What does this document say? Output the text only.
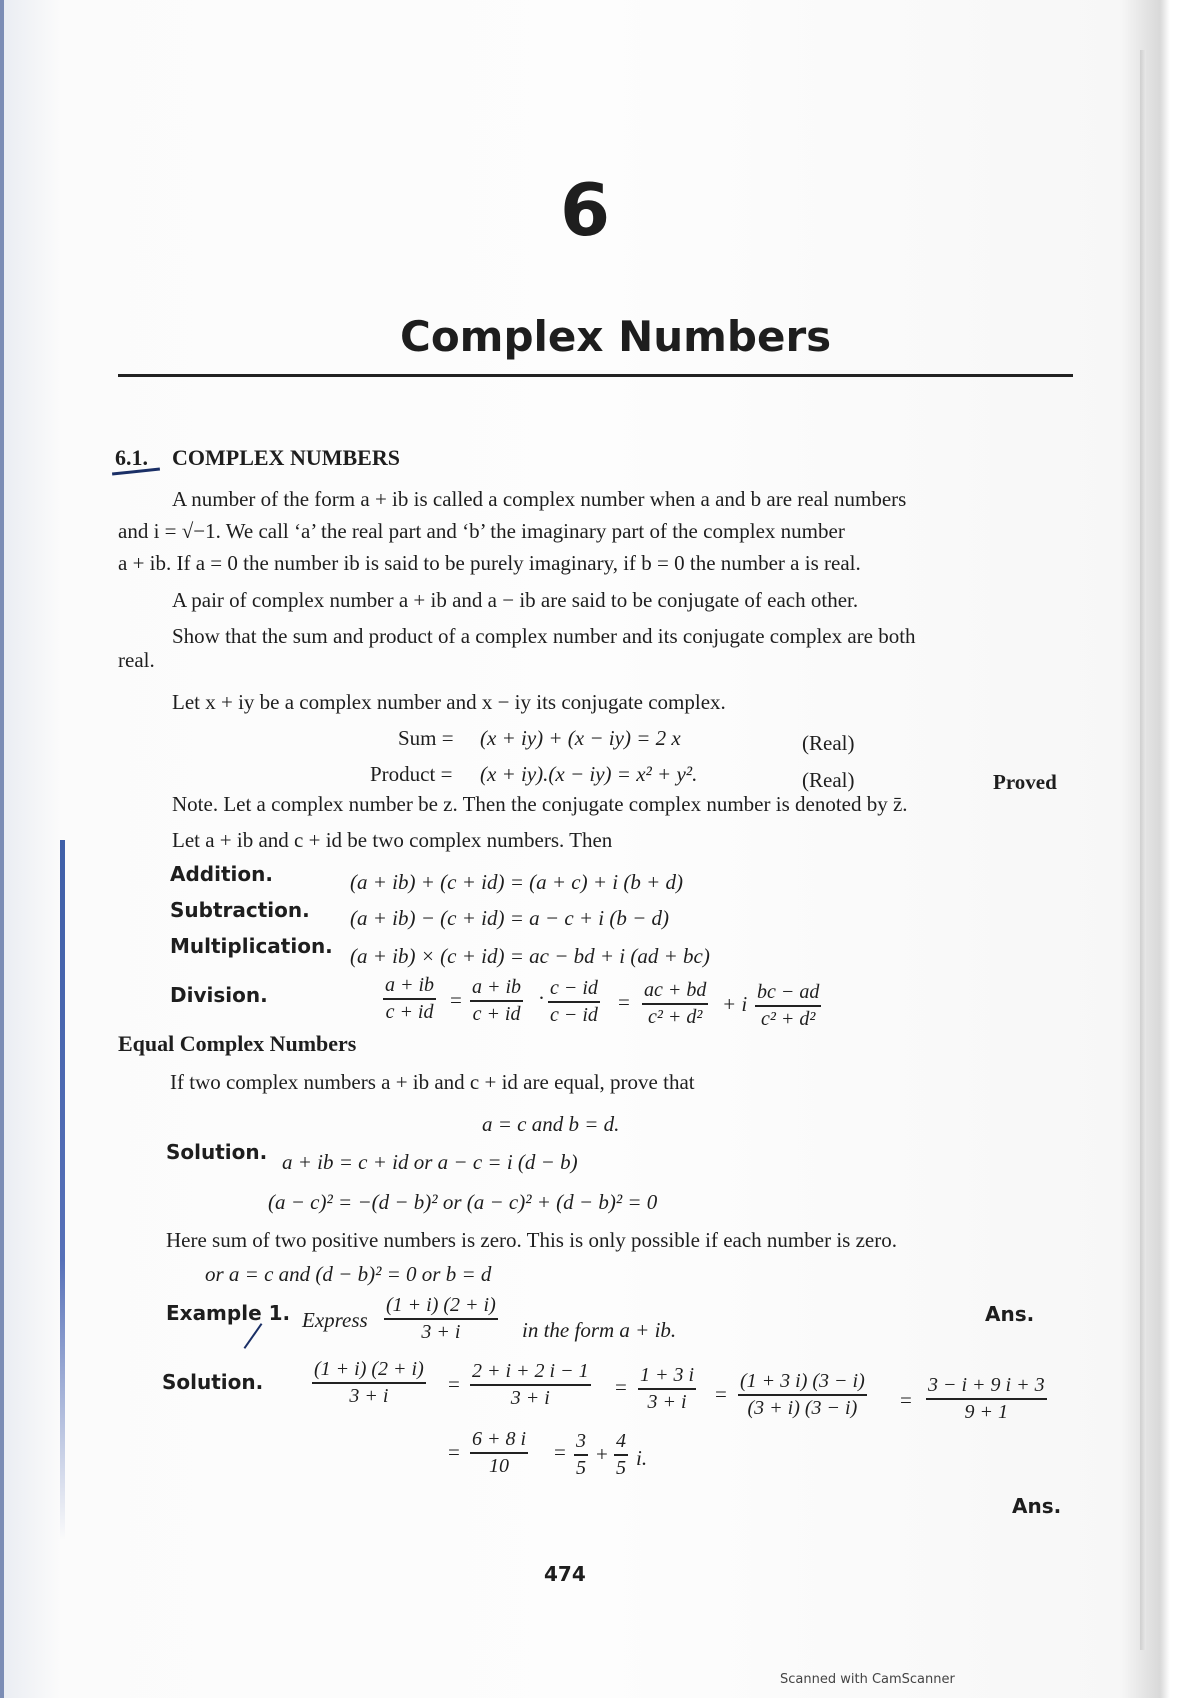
6
Complex Numbers
6.1. COMPLEX NUMBERS
A number of the form a + ib is called a complex number when a and b are real numbers
and i = √−1. We call ‘a’ the real part and ‘b’ the imaginary part of the complex number
a + ib. If a = 0 the number ib is said to be purely imaginary, if b = 0 the number a is real.
A pair of complex number a + ib and a − ib are said to be conjugate of each other.
Show that the sum and product of a complex number and its conjugate complex are both
real.
Let x + iy be a complex number and x − iy its conjugate complex.
Sum = (x + iy) + (x − iy) = 2 x	(Real)
Product = (x + iy).(x − iy) = x² + y².	(Real)	Proved
Note. Let a complex number be z. Then the conjugate complex number is denoted by z̄.
Let a + ib and c + id be two complex numbers. Then
Addition.	(a + ib) + (c + id) = (a + c) + i (b + d)
Subtraction. (a + ib) − (c + id) = a − c + i (b − d)
Multiplication. (a + ib) × (c + id) = ac − bd + i (ad + bc)
Division.	a + ib
c + id =
a + ib
c + id
· c − id
c − id
= ac + bd
c² + d²
+ i bc − ad
c² + d²
Equal Complex Numbers
If two complex numbers a + ib and c + id are equal, prove that
a = c and b = d.
Solution. a + ib = c + id or a − c = i (d − b)
(a − c)² = −(d − b)² or (a − c)² + (d − b)² = 0
Here sum of two positive numbers is zero. This is only possible if each number is zero.
or a = c and (d − b)² = 0 or b = d
Example 1. Express
(1 + i) (2 + i)
3 + i	in the form a + ib.
Ans.
Solution.
(1 + i) (2 + i)
3 + i	=
2 + i + 2 i − 1
3 + i	= 1 + 3 i
3 + i =
(1 + 3 i) (3 − i)
(3 + i) (3 − i) =
3 − i + 9 i + 3
9 + 1
=
6 + 8 i
10
= 3
5
+
4
5 i.
Ans.
474
Scanned with CamScanner
